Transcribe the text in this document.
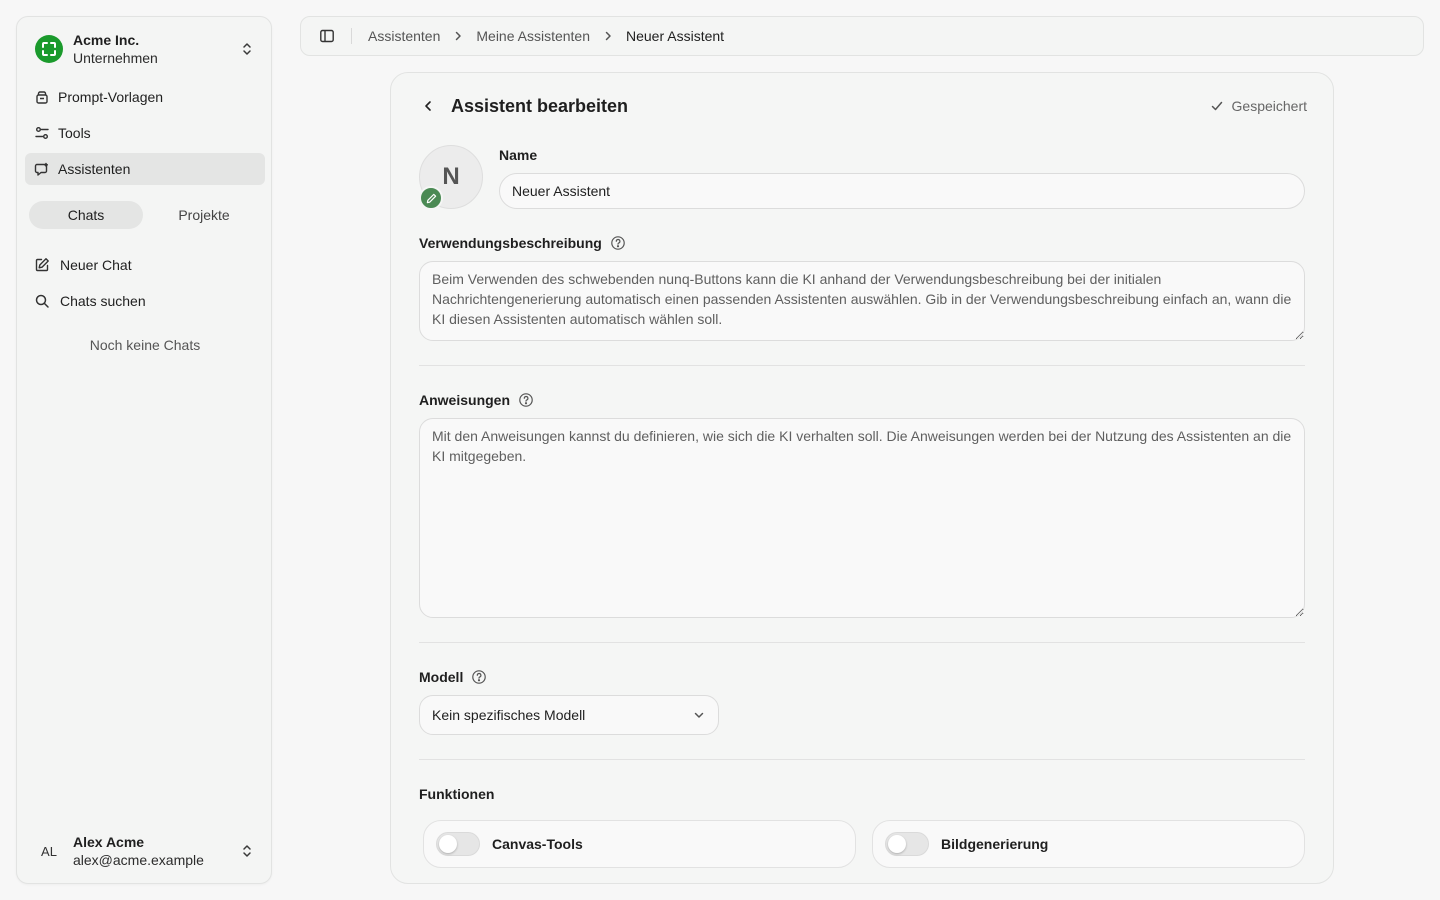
Acme Inc.
Unternehmen
Prompt-Vorlagen
Tools
Assistenten
Chats	Projekte
Neuer Chat
Chats suchen
Noch keine Chats
AL
Alex Acme
alex@acme.example
Assistenten	Meine Assistenten	Neuer Assistent
Assistent bearbeiten	Gespeichert
N
Name
Neuer Assistent
Verwendungsbeschreibung
Beim Verwenden des schwebenden nunq-Buttons kann die KI anhand der Verwendungsbeschreibung bei der initialen Nachrichtengenerierung automatisch einen passenden Assistenten auswählen. Gib in der Verwendungsbeschreibung einfach an, wann die KI diesen Assistenten automatisch wählen soll.
Anweisungen
Mit den Anweisungen kannst du definieren, wie sich die KI verhalten soll. Die Anweisungen werden bei der Nutzung des Assistenten an die KI mitgegeben.
Modell
Kein spezifisches Modell
Funktionen
Canvas-Tools	Bildgenerierung
